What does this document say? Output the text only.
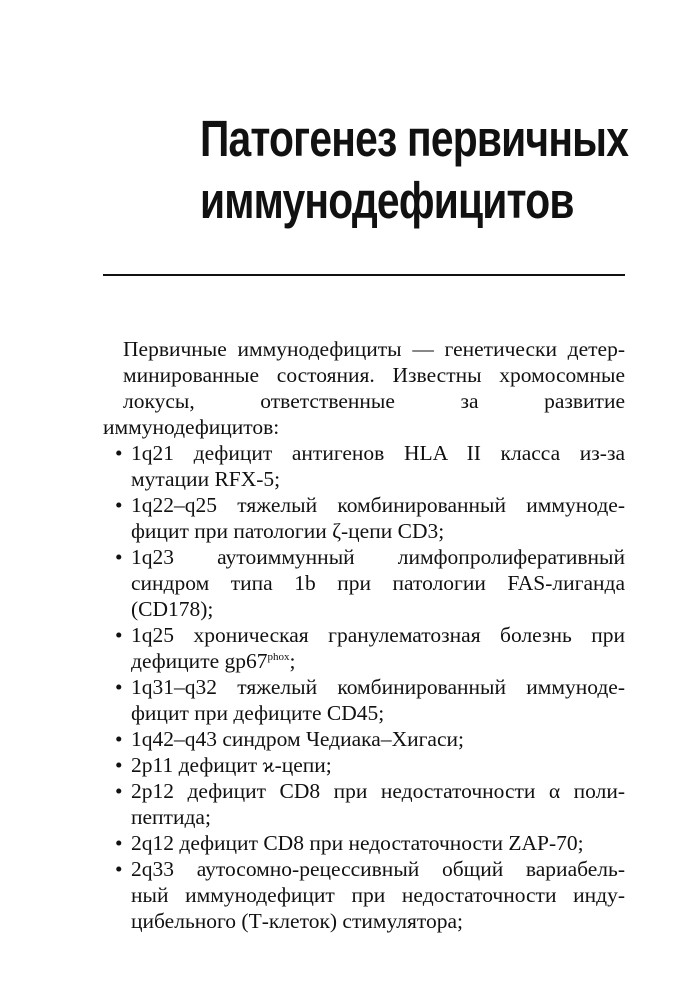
Патогенез первичных
иммунодефицитов

Первичные иммунодефициты — генетически детер-
минированные состояния. Известны хромосомные
локусы, ответственные за развитие иммунодефицитов:

• 1q21 дефицит антигенов HLA II класса из-за
мутации RFX-5;
• 1q22–q25 тяжелый комбинированный иммуноде-
фицит при патологии ζ-цепи CD3;
• 1q23 аутоиммунный лимфопролиферативный
синдром типа 1b при патологии FAS-лиганда
(CD178);
• 1q25 хроническая гранулематозная болезнь при
дефиците $gp67^{phox}$;
• 1q31–q32 тяжелый комбинированный иммуноде-
фицит при дефиците CD45;
• 1q42–q43 синдром Чедиака–Хигаси;
• 2p11 дефицит ϰ-цепи;
• 2p12 дефицит CD8 при недостаточности α поли-
пептида;
• 2q12 дефицит CD8 при недостаточности ZAP-70;
• 2q33 аутосомно-рецессивный общий вариабель-
ный иммунодефицит при недостаточности инду-
цибельного (Т-клеток) стимулятора;
